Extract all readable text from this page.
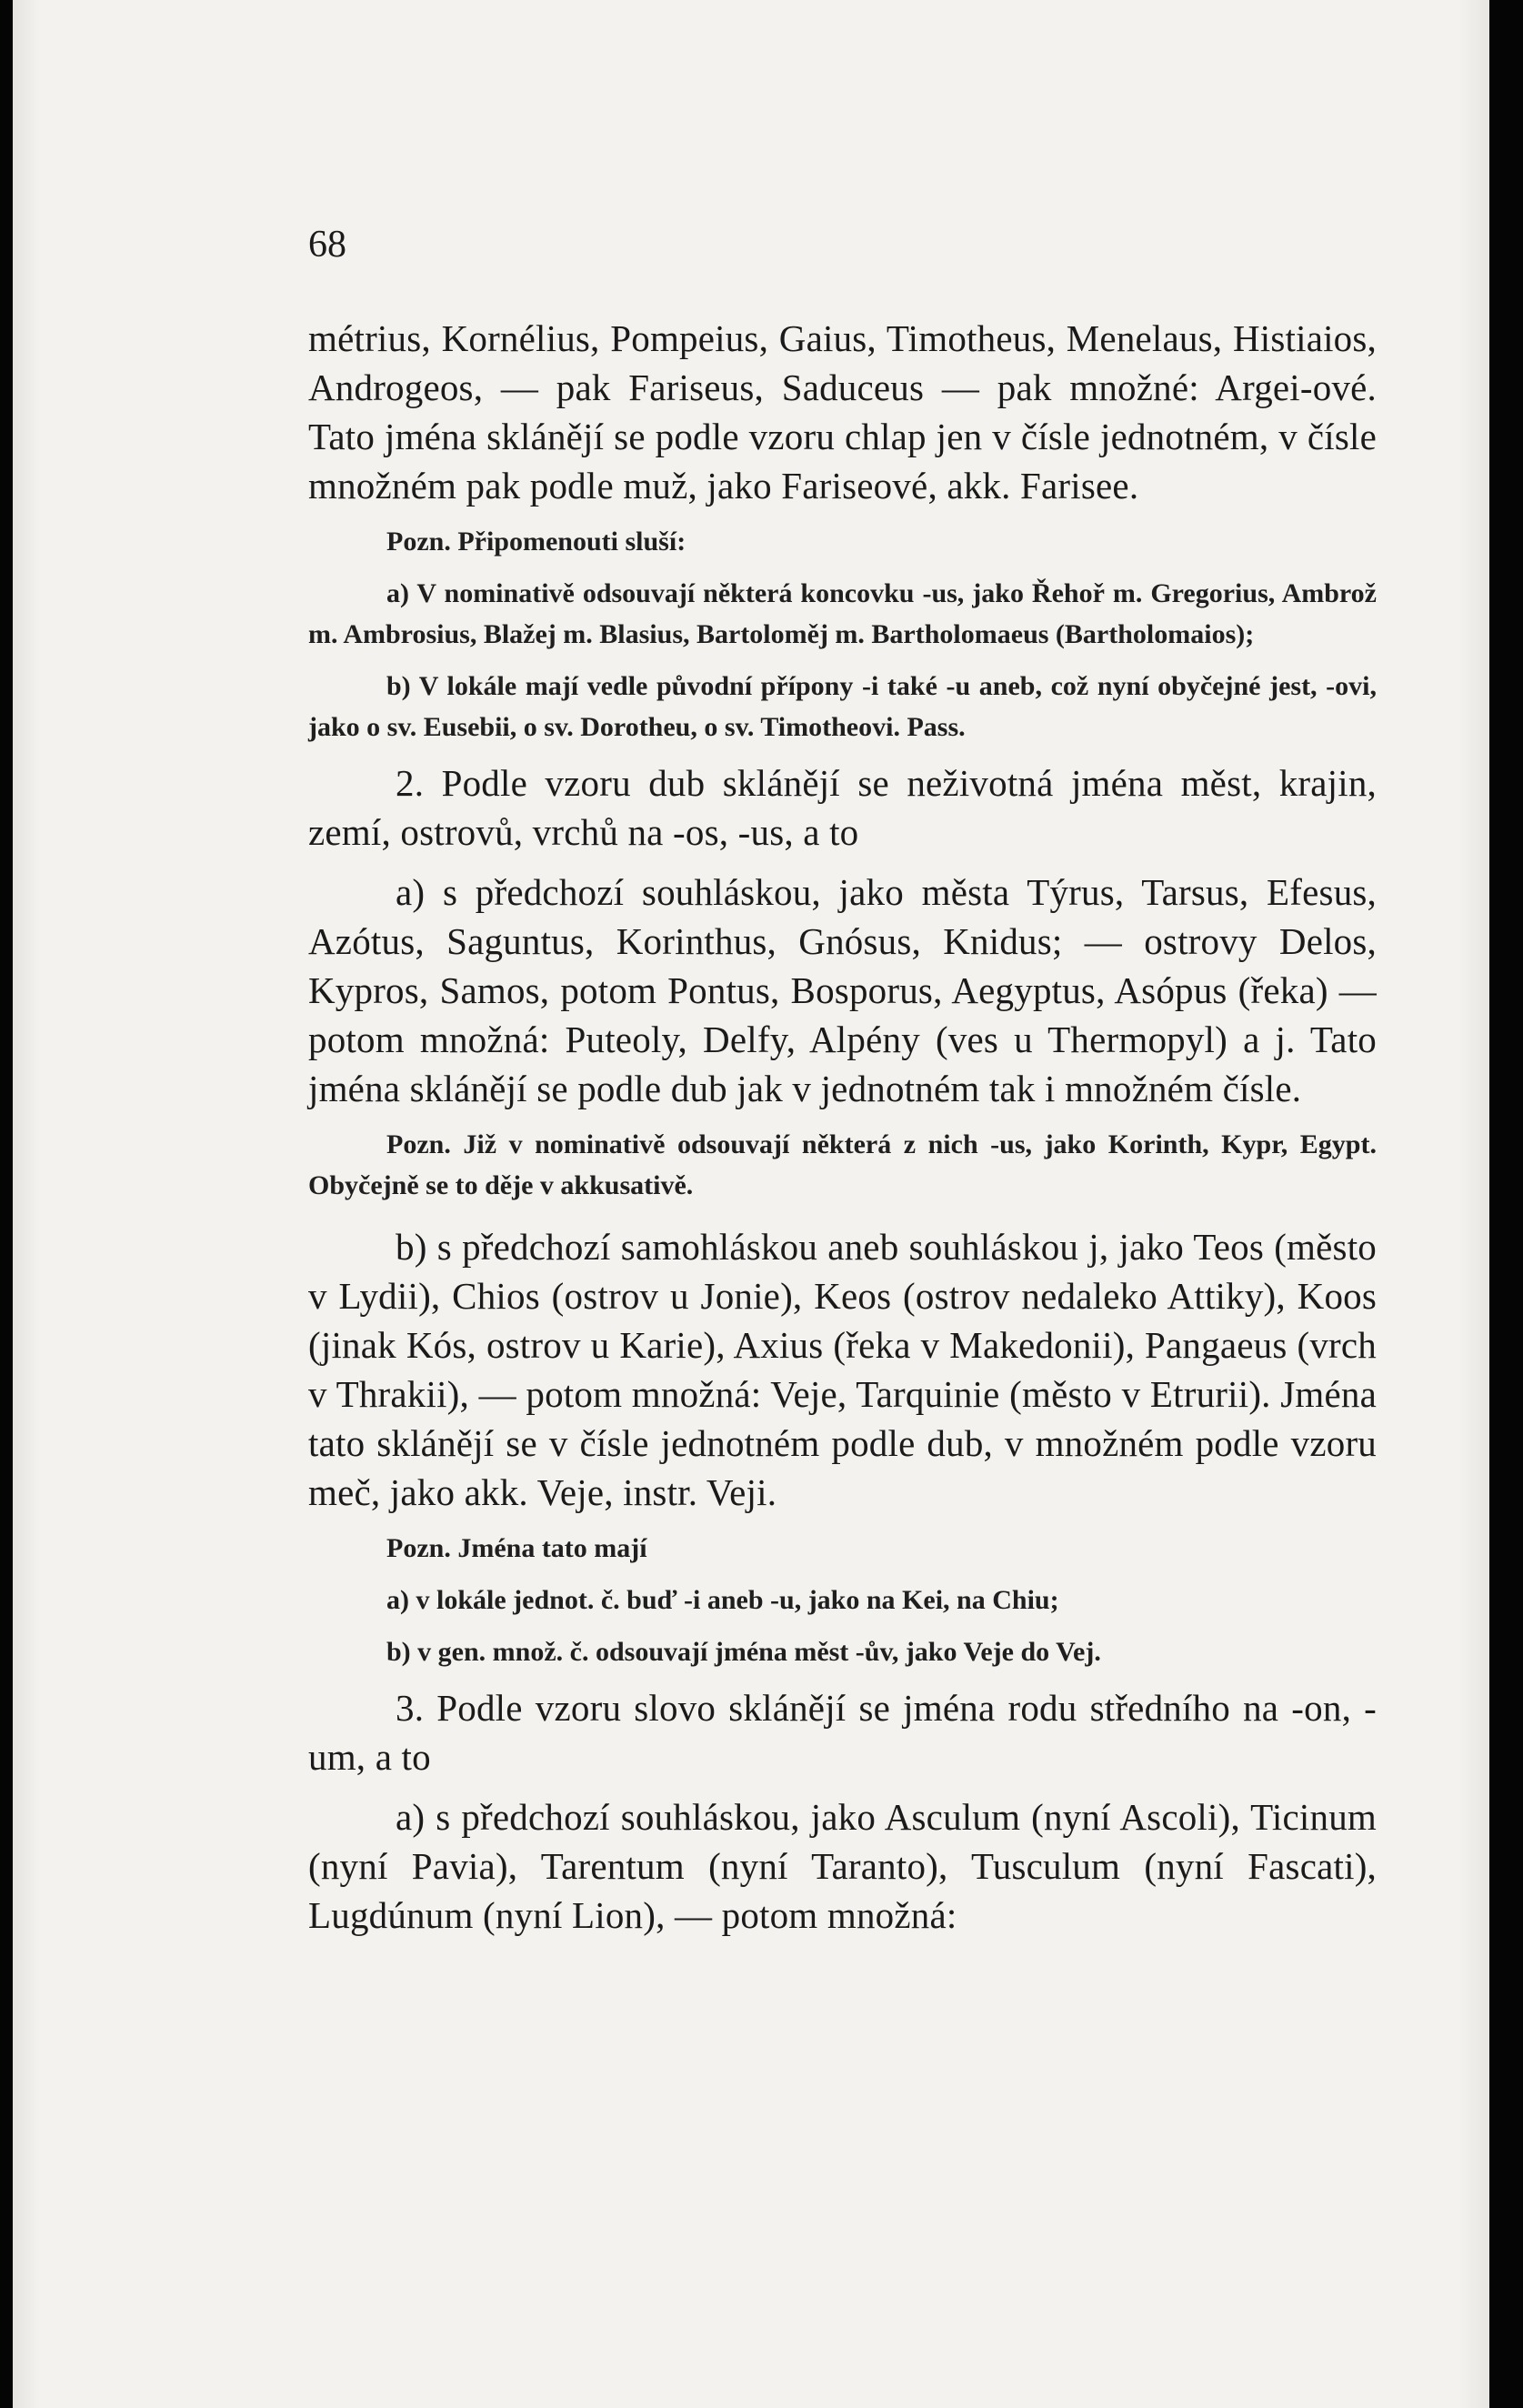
68

métrius, Kornélius, Pompeius, Gaius, Timotheus, Menelaus, Histiaios, Androgeos, — pak Fariseus, Saduceus — pak množné: Argei-ové. Tato jména sklánějí se podle vzoru chlap jen v čísle jednotném, v čísle množném pak podle muž, jako Fariseové, akk. Farisee.

Pozn. Připomenouti sluší:

a) V nominativě odsouvají některá koncovku -us, jako Řehoř m. Gregorius, Ambrož m. Ambrosius, Blažej m. Blasius, Bartoloměj m. Bartholomaeus (Bartholomaios);

b) V lokále mají vedle původní přípony -i také -u aneb, což nyní obyčejné jest, -ovi, jako o sv. Eusebii, o sv. Dorotheu, o sv. Timotheovi. Pass.

2. Podle vzoru dub sklánějí se neživotná jména měst, krajin, zemí, ostrovů, vrchů na -os, -us, a to

a) s předchozí souhláskou, jako města Týrus, Tarsus, Efesus, Azótus, Saguntus, Korinthus, Gnósus, Knidus; — ostrovy Delos, Kypros, Samos, potom Pontus, Bosporus, Aegyptus, Asópus (řeka) — potom množná: Puteoly, Delfy, Alpény (ves u Thermopyl) a j. Tato jména sklánějí se podle dub jak v jednotném tak i množném čísle.

Pozn. Již v nominativě odsouvají některá z nich -us, jako Korinth, Kypr, Egypt. Obyčejně se to děje v akkusativě.

b) s předchozí samohláskou aneb souhláskou j, jako Teos (město v Lydii), Chios (ostrov u Jonie), Keos (ostrov nedaleko Attiky), Koos (jinak Kós, ostrov u Karie), Axius (řeka v Makedonii), Pangaeus (vrch v Thrakii), — potom množná: Veje, Tarquinie (město v Etrurii). Jména tato sklánějí se v čísle jednotném podle dub, v množném podle vzoru meč, jako akk. Veje, instr. Veji.

Pozn. Jména tato mají

a) v lokále jednot. č. buď -i aneb -u, jako na Kei, na Chiu;

b) v gen. množ. č. odsouvají jména měst -ův, jako Veje do Vej.

3. Podle vzoru slovo sklánějí se jména rodu středního na -on, -um, a to

a) s předchozí souhláskou, jako Asculum (nyní Ascoli), Ticinum (nyní Pavia), Tarentum (nyní Taranto), Tusculum (nyní Fascati), Lugdúnum (nyní Lion), — potom množná:
